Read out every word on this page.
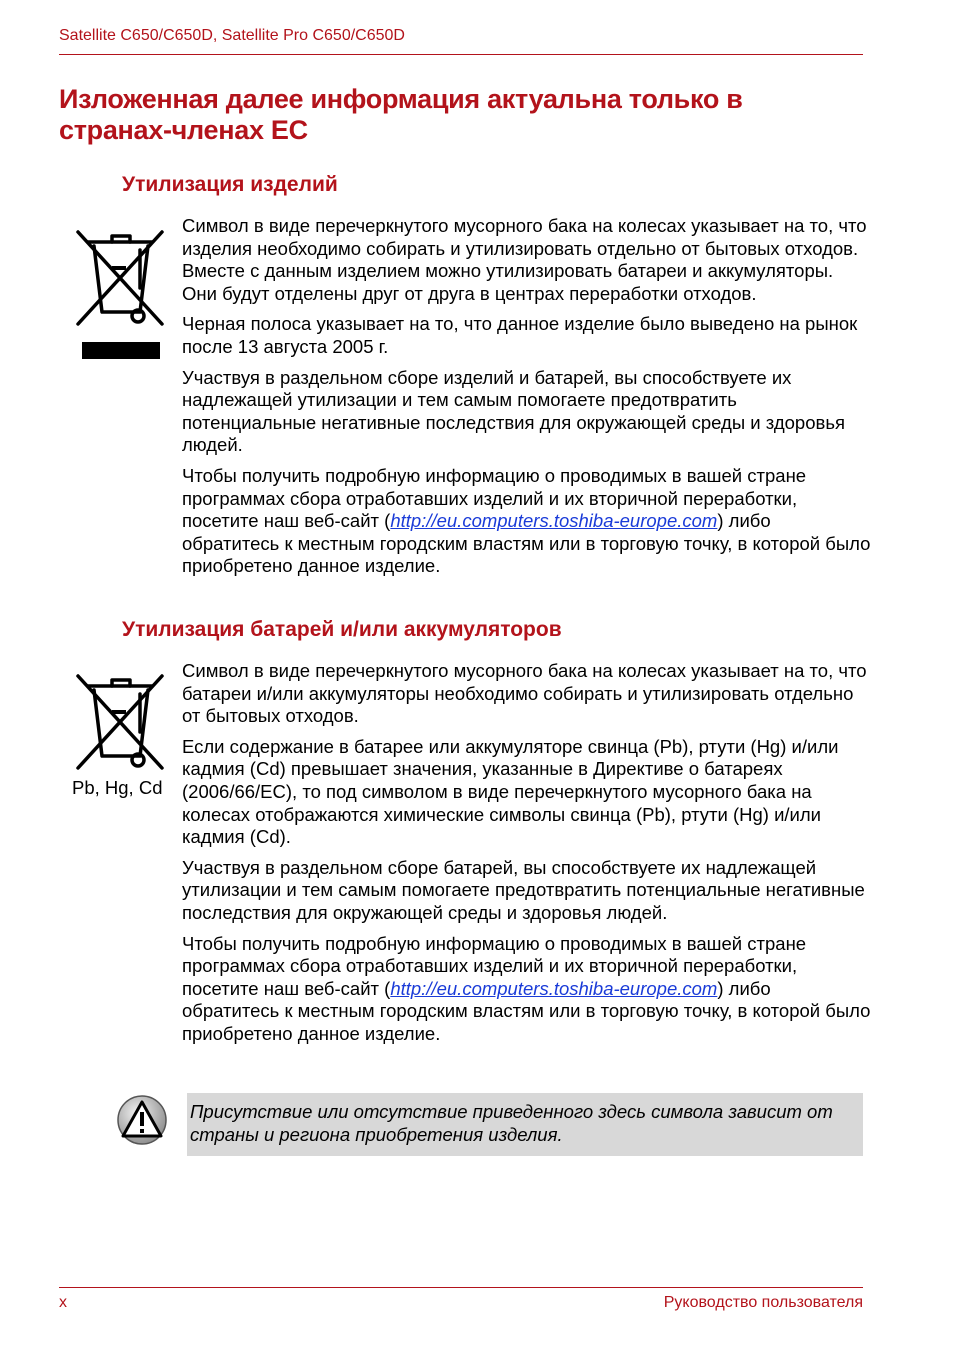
Satellite C650/C650D, Satellite Pro C650/C650D
Изложенная далее информация актуальна только в странах-членах ЕС
Утилизация изделий

Символ в виде перечеркнутого мусорного бака на колесах указывает на то, что изделия необходимо собирать и утилизировать отдельно от бытовых отходов. Вместе с данным изделием можно утилизировать батареи и аккумуляторы. Они будут отделены друг от друга в центрах переработки отходов.

Черная полоса указывает на то, что данное изделие было выведено на рынок после 13 августа 2005 г.

Участвуя в раздельном сборе изделий и батарей, вы способствуете их надлежащей утилизации и тем самым помогаете предотвратить потенциальные негативные последствия для окружающей среды и здоровья людей.

Чтобы получить подробную информацию о проводимых в вашей стране программах сбора отработавших изделий и их вторичной переработки, посетите наш веб-сайт (http://eu.computers.toshiba-europe.com) либо обратитесь к местным городским властям или в торговую точку, в которой было приобретено данное изделие.

Утилизация батарей и/или аккумуляторов
Pb, Hg, Cd

Символ в виде перечеркнутого мусорного бака на колесах указывает на то, что батареи и/или аккумуляторы необходимо собирать и утилизировать отдельно от бытовых отходов.

Если содержание в батарее или аккумуляторе свинца (Pb), ртути (Hg) и/или кадмия (Cd) превышает значения, указанные в Директиве о батареях (2006/66/EC), то под символом в виде перечеркнутого мусорного бака на колесах отображаются химические символы свинца (Pb), ртути (Hg) и/или кадмия (Cd).

Участвуя в раздельном сборе батарей, вы способствуете их надлежащей утилизации и тем самым помогаете предотвратить потенциальные негативные последствия для окружающей среды и здоровья людей.

Чтобы получить подробную информацию о проводимых в вашей стране программах сбора отработавших изделий и их вторичной переработки, посетите наш веб-сайт (http://eu.computers.toshiba-europe.com) либо обратитесь к местным городским властям или в торговую точку, в которой было приобретено данное изделие.

Присутствие или отсутствие приведенного здесь символа зависит от страны и региона приобретения изделия.
x	Руководство пользователя
